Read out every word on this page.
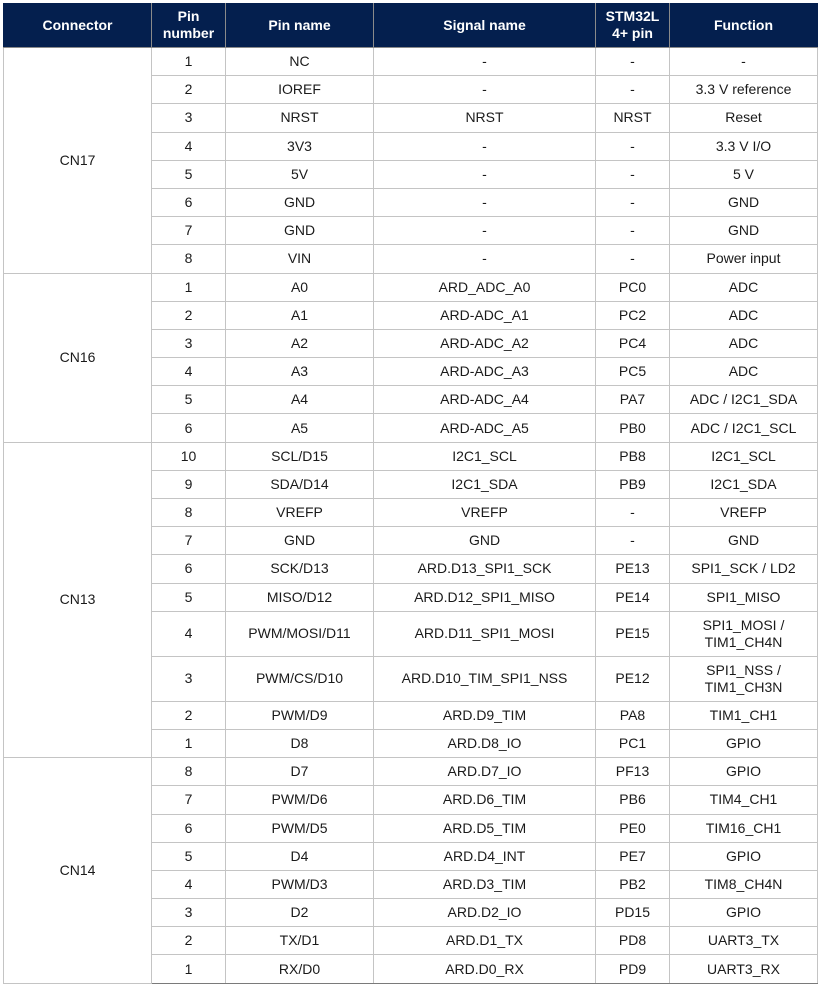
Connector	Pin number	Pin name	Signal name	STM32L 4+ pin	Function
CN17	1	NC	-	-	-
	2	IOREF	-	-	3.3 V reference
	3	NRST	NRST	NRST	Reset
	4	3V3	-	-	3.3 V I/O
	5	5V	-	-	5 V
	6	GND	-	-	GND
	7	GND	-	-	GND
	8	VIN	-	-	Power input
CN16	1	A0	ARD_ADC_A0	PC0	ADC
	2	A1	ARD-ADC_A1	PC2	ADC
	3	A2	ARD-ADC_A2	PC4	ADC
	4	A3	ARD-ADC_A3	PC5	ADC
	5	A4	ARD-ADC_A4	PA7	ADC / I2C1_SDA
	6	A5	ARD-ADC_A5	PB0	ADC / I2C1_SCL
CN13	10	SCL/D15	I2C1_SCL	PB8	I2C1_SCL
	9	SDA/D14	I2C1_SDA	PB9	I2C1_SDA
	8	VREFP	VREFP	-	VREFP
	7	GND	GND	-	GND
	6	SCK/D13	ARD.D13_SPI1_SCK	PE13	SPI1_SCK / LD2
	5	MISO/D12	ARD.D12_SPI1_MISO	PE14	SPI1_MISO
	4	PWM/MOSI/D11	ARD.D11_SPI1_MOSI	PE15	SPI1_MOSI / TIM1_CH4N
	3	PWM/CS/D10	ARD.D10_TIM_SPI1_NSS	PE12	SPI1_NSS / TIM1_CH3N
	2	PWM/D9	ARD.D9_TIM	PA8	TIM1_CH1
	1	D8	ARD.D8_IO	PC1	GPIO
CN14	8	D7	ARD.D7_IO	PF13	GPIO
	7	PWM/D6	ARD.D6_TIM	PB6	TIM4_CH1
	6	PWM/D5	ARD.D5_TIM	PE0	TIM16_CH1
	5	D4	ARD.D4_INT	PE7	GPIO
	4	PWM/D3	ARD.D3_TIM	PB2	TIM8_CH4N
	3	D2	ARD.D2_IO	PD15	GPIO
	2	TX/D1	ARD.D1_TX	PD8	UART3_TX
	1	RX/D0	ARD.D0_RX	PD9	UART3_RX
